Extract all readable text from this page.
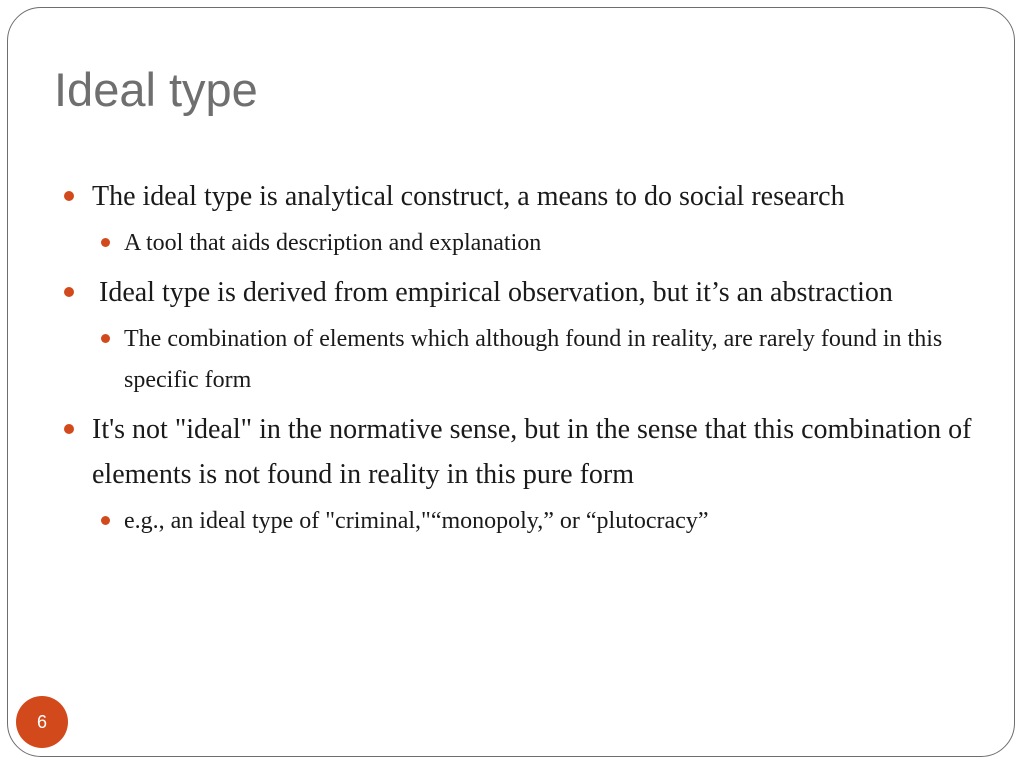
Ideal type
The ideal type is analytical construct, a means to do social research
A tool that aids description and explanation
Ideal type is derived from empirical observation, but it’s an abstraction
The combination of elements which although found in reality, are rarely found in this specific form
It's not "ideal" in the normative sense, but in the sense that this combination of elements is not found in reality in this pure form
e.g., an ideal type of "criminal,"“monopoly,” or “plutocracy”
6
